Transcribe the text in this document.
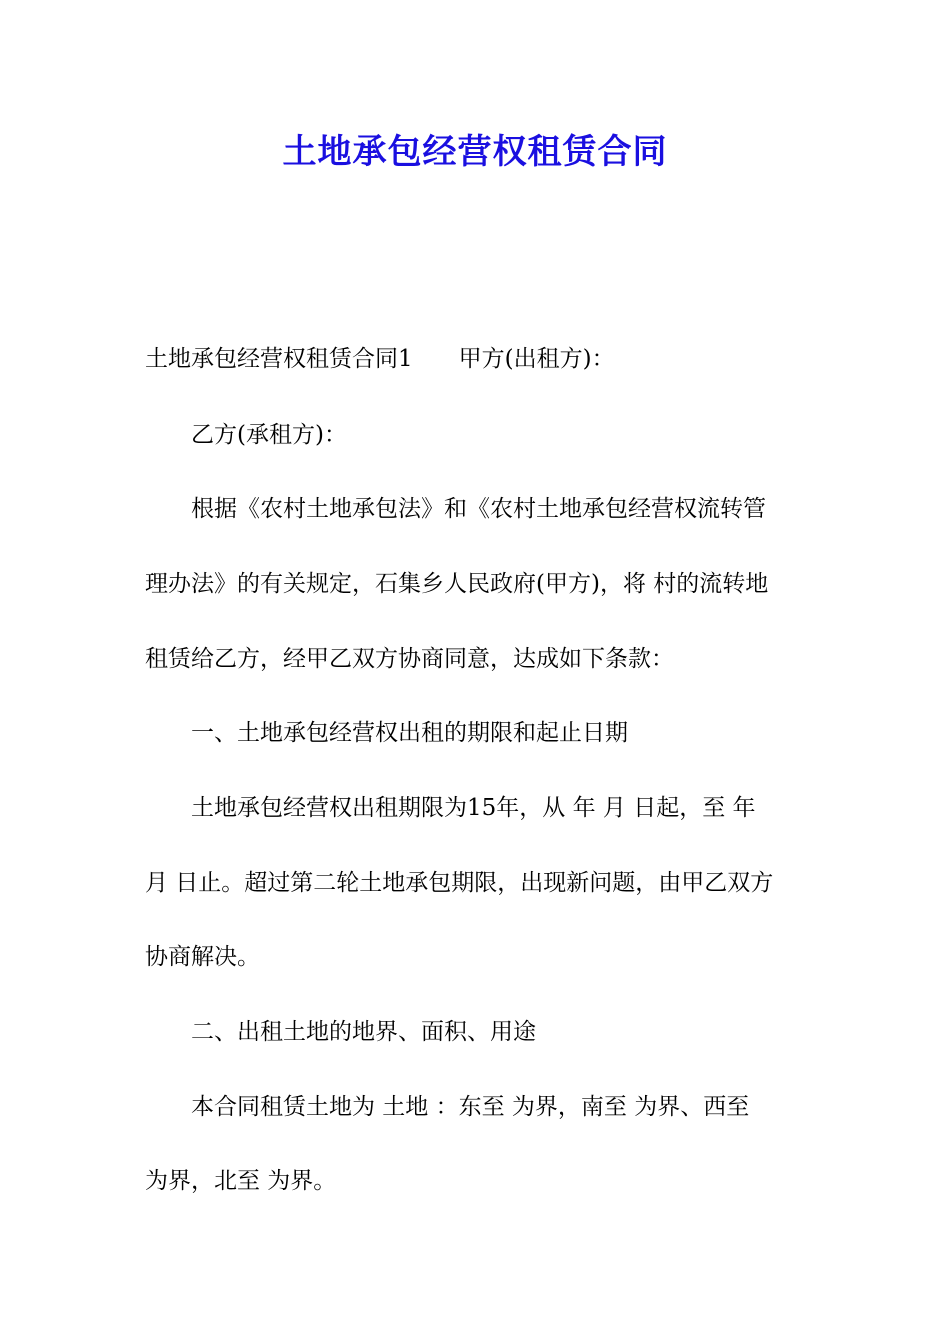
土地承包经营权租赁合同
土地承包经营权租赁合同1　　甲方(出租方)：
　　乙方(承租方)：
　　根据《农村土地承包法》和《农村土地承包经营权流转管
理办法》的有关规定，石集乡人民政府(甲方)，将 村的流转地
租赁给乙方，经甲乙双方协商同意，达成如下条款：
　　一、土地承包经营权出租的期限和起止日期
　　土地承包经营权出租期限为15年，从 年 月 日起，至 年
月 日止。超过第二轮土地承包期限，出现新问题，由甲乙双方
协商解决。
　　二、出租土地的地界、面积、用途
　　本合同租赁土地为 土地 ：东至 为界，南至 为界、西至
为界，北至 为界。
